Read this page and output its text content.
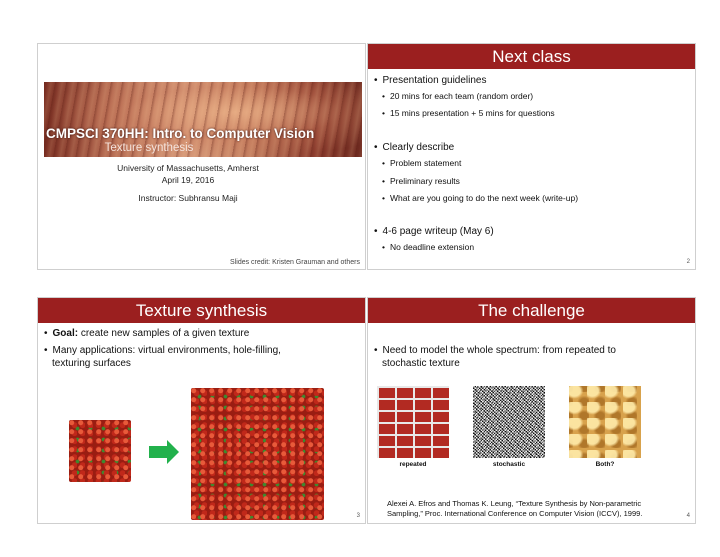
CMPSCI 370HH: Intro. to Computer Vision
Texture synthesis
University of Massachusetts, Amherst
April 19, 2016
Instructor: Subhransu Maji
Slides credit: Kristen Grauman and others
Next class
• Presentation guidelines
• 20 mins for each team (random order)
• 15 mins presentation + 5 mins for questions
• Clearly describe
• Problem statement
• Preliminary results
• What are you going to do the next week (write-up)
• 4-6 page writeup (May 6)
• No deadline extension
2
Texture synthesis
• Goal: create new samples of a given texture
• Many applications: virtual environments, hole-filling,
texturing surfaces
3
The challenge
• Need to model the whole spectrum: from repeated to
stochastic texture
repeated	stochastic	Both?
Alexei A. Efros and Thomas K. Leung, “Texture Synthesis by Non-parametric
Sampling,” Proc. International Conference on Computer Vision (ICCV), 1999.	4
